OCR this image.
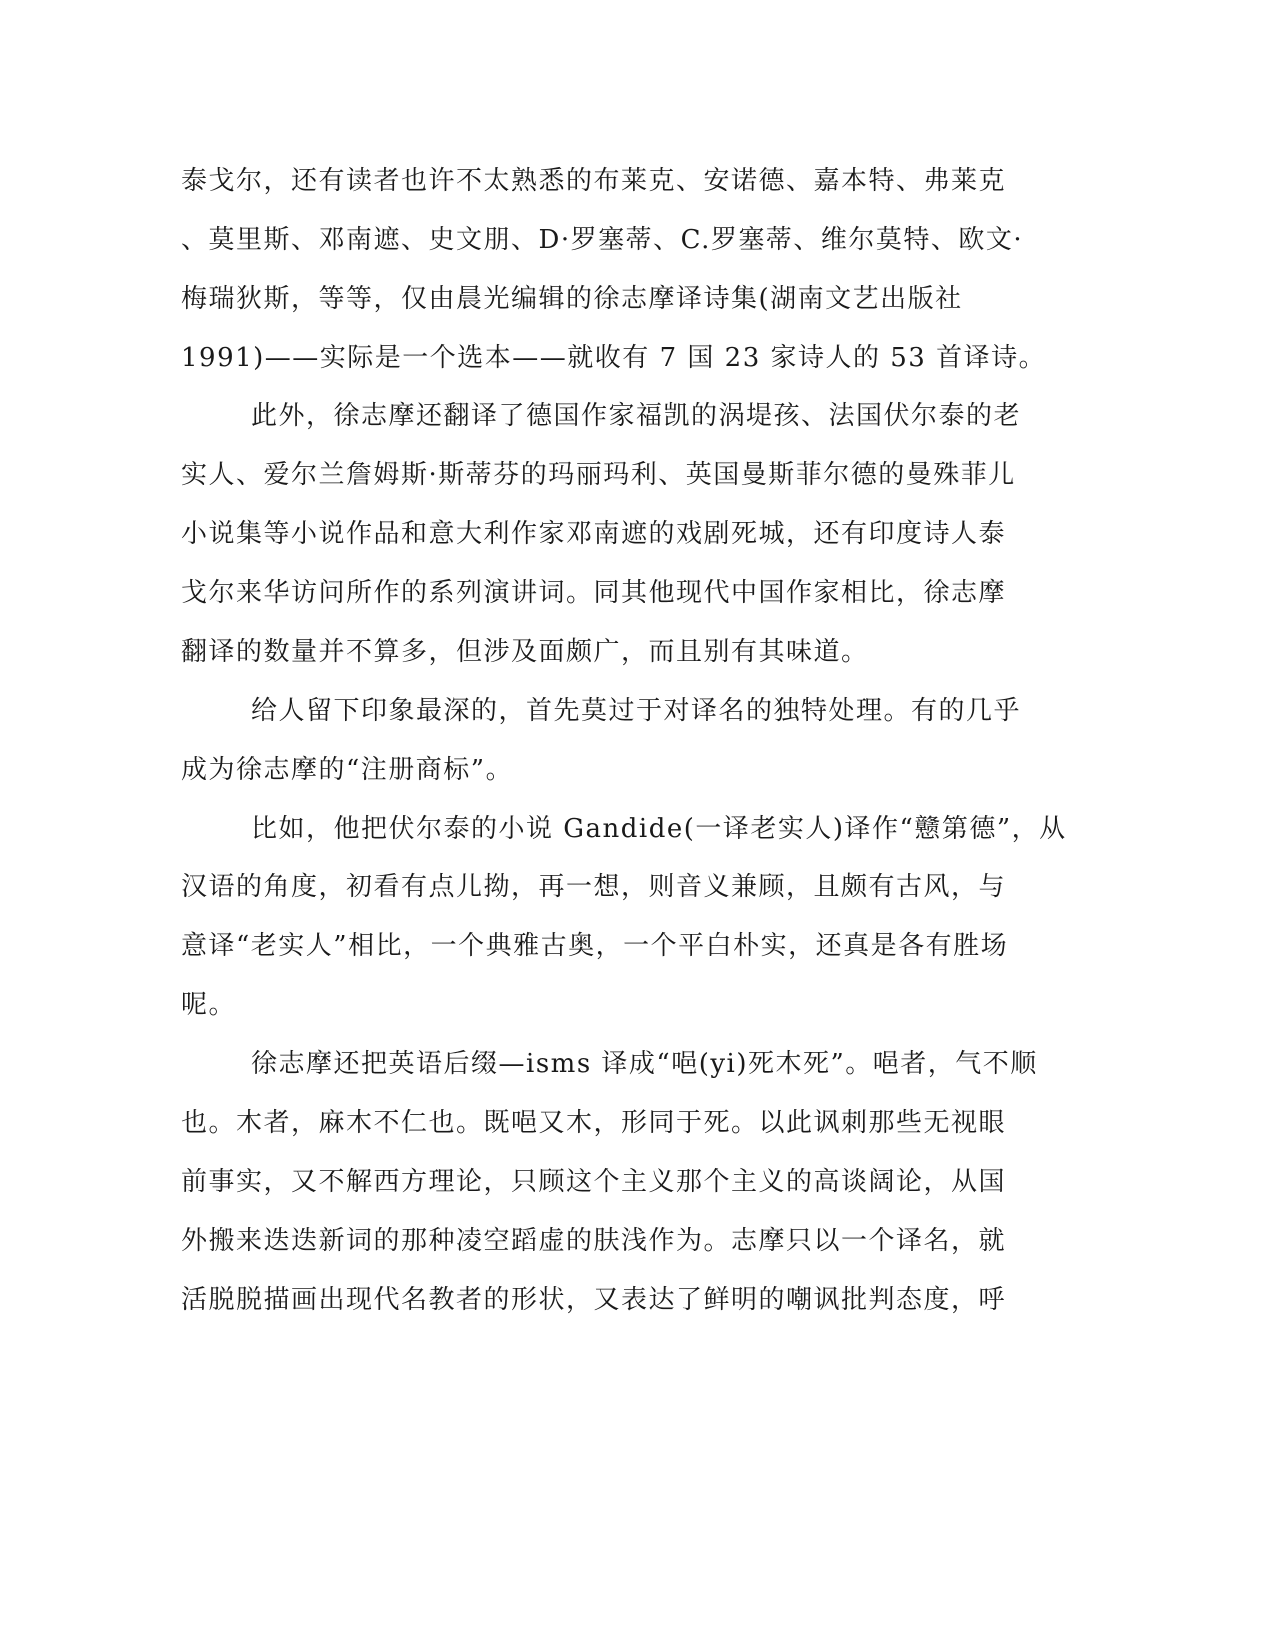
泰戈尔，还有读者也许不太熟悉的布莱克、安诺德、嘉本特、弗莱克
、莫里斯、邓南遮、史文朋、D·罗塞蒂、C.罗塞蒂、维尔莫特、欧文·
梅瑞狄斯，等等，仅由晨光编辑的徐志摩译诗集(湖南文艺出版社
1991)——实际是一个选本——就收有 7 国 23 家诗人的 53 首译诗。
此外，徐志摩还翻译了德国作家福凯的涡堤孩、法国伏尔泰的老
实人、爱尔兰詹姆斯·斯蒂芬的玛丽玛利、英国曼斯菲尔德的曼殊菲儿
小说集等小说作品和意大利作家邓南遮的戏剧死城，还有印度诗人泰
戈尔来华访问所作的系列演讲词。同其他现代中国作家相比，徐志摩
翻译的数量并不算多，但涉及面颇广，而且别有其味道。
给人留下印象最深的，首先莫过于对译名的独特处理。有的几乎
成为徐志摩的“注册商标”。
比如，他把伏尔泰的小说 Gandide(一译老实人)译作“戆第德”，从
汉语的角度，初看有点儿拗，再一想，则音义兼顾，且颇有古风，与
意译“老实人”相比，一个典雅古奥，一个平白朴实，还真是各有胜场
呢。
徐志摩还把英语后缀—isms 译成“唈(yi)死木死”。唈者，气不顺
也。木者，麻木不仁也。既唈又木，形同于死。以此讽刺那些无视眼
前事实，又不解西方理论，只顾这个主义那个主义的高谈阔论，从国
外搬来迭迭新词的那种凌空蹈虚的肤浅作为。志摩只以一个译名，就
活脱脱描画出现代名教者的形状，又表达了鲜明的嘲讽批判态度，呼
